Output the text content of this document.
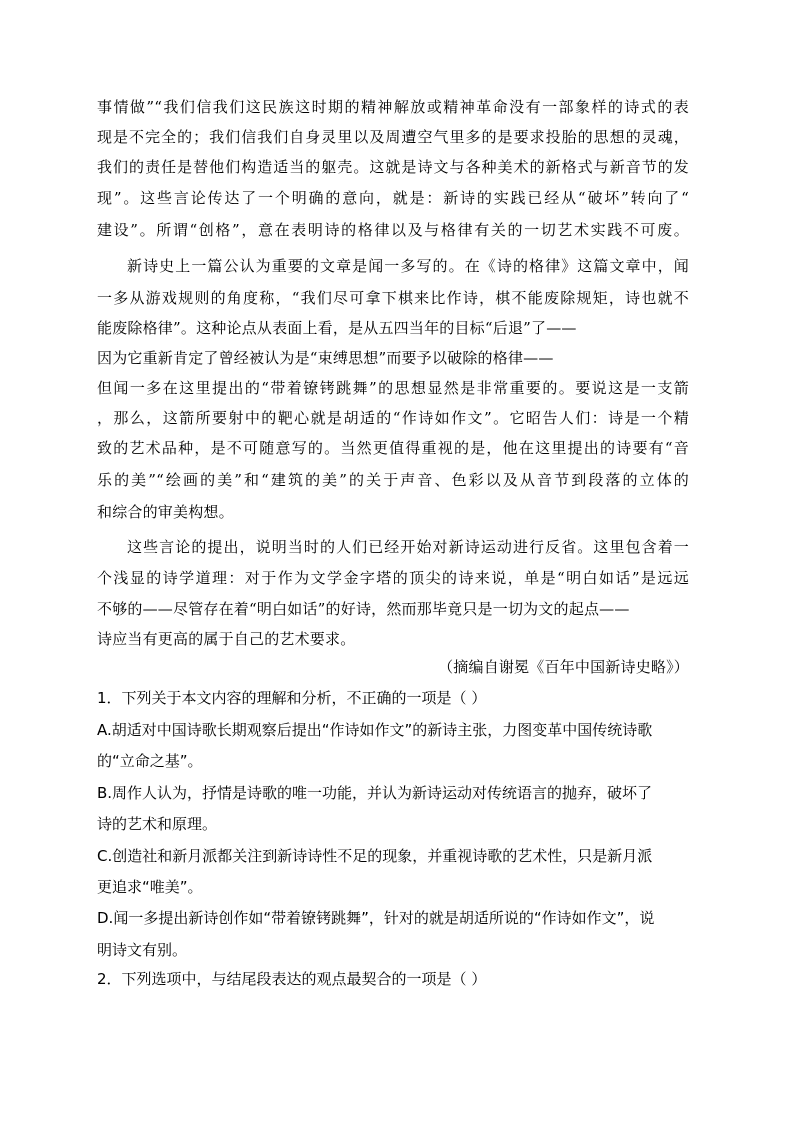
事情做”“我们信我们这民族这时期的精神解放或精神革命没有一部象样的诗式的表
现是不完全的；我们信我们自身灵里以及周遭空气里多的是要求投胎的思想的灵魂，
我们的责任是替他们构造适当的躯壳。这就是诗文与各种美术的新格式与新音节的发
现”。这些言论传达了一个明确的意向，就是：新诗的实践已经从“破坏”转向了“
建设”。所谓“创格”，意在表明诗的格律以及与格律有关的一切艺术实践不可废。
新诗史上一篇公认为重要的文章是闻一多写的。在《诗的格律》这篇文章中，闻
一多从游戏规则的角度称，“我们尽可拿下棋来比作诗，棋不能废除规矩，诗也就不
能废除格律”。这种论点从表面上看，是从五四当年的目标“后退”了——
因为它重新肯定了曾经被认为是“束缚思想”而要予以破除的格律——
但闻一多在这里提出的“带着镣铐跳舞”的思想显然是非常重要的。要说这是一支箭
，那么，这箭所要射中的靶心就是胡适的“作诗如作文”。它昭告人们：诗是一个精
致的艺术品种，是不可随意写的。当然更值得重视的是，他在这里提出的诗要有“音
乐的美”“绘画的美”和“建筑的美”的关于声音、色彩以及从音节到段落的立体的
和综合的审美构想。
这些言论的提出，说明当时的人们已经开始对新诗运动进行反省。这里包含着一
个浅显的诗学道理：对于作为文学金字塔的顶尖的诗来说，单是“明白如话”是远远
不够的——尽管存在着“明白如话”的好诗，然而那毕竟只是一切为文的起点——
诗应当有更高的属于自己的艺术要求。
（摘编自谢冕《百年中国新诗史略》）
1．下列关于本文内容的理解和分析，不正确的一项是（ ）
A.胡适对中国诗歌长期观察后提出“作诗如作文”的新诗主张，力图变革中国传统诗歌
的“立命之基”。
B.周作人认为，抒情是诗歌的唯一功能，并认为新诗运动对传统语言的抛弃，破坏了
诗的艺术和原理。
C.创造社和新月派都关注到新诗诗性不足的现象，并重视诗歌的艺术性，只是新月派
更追求“唯美”。
D.闻一多提出新诗创作如“带着镣铐跳舞”，针对的就是胡适所说的“作诗如作文”，说
明诗文有别。
2．下列选项中，与结尾段表达的观点最契合的一项是（ ）
